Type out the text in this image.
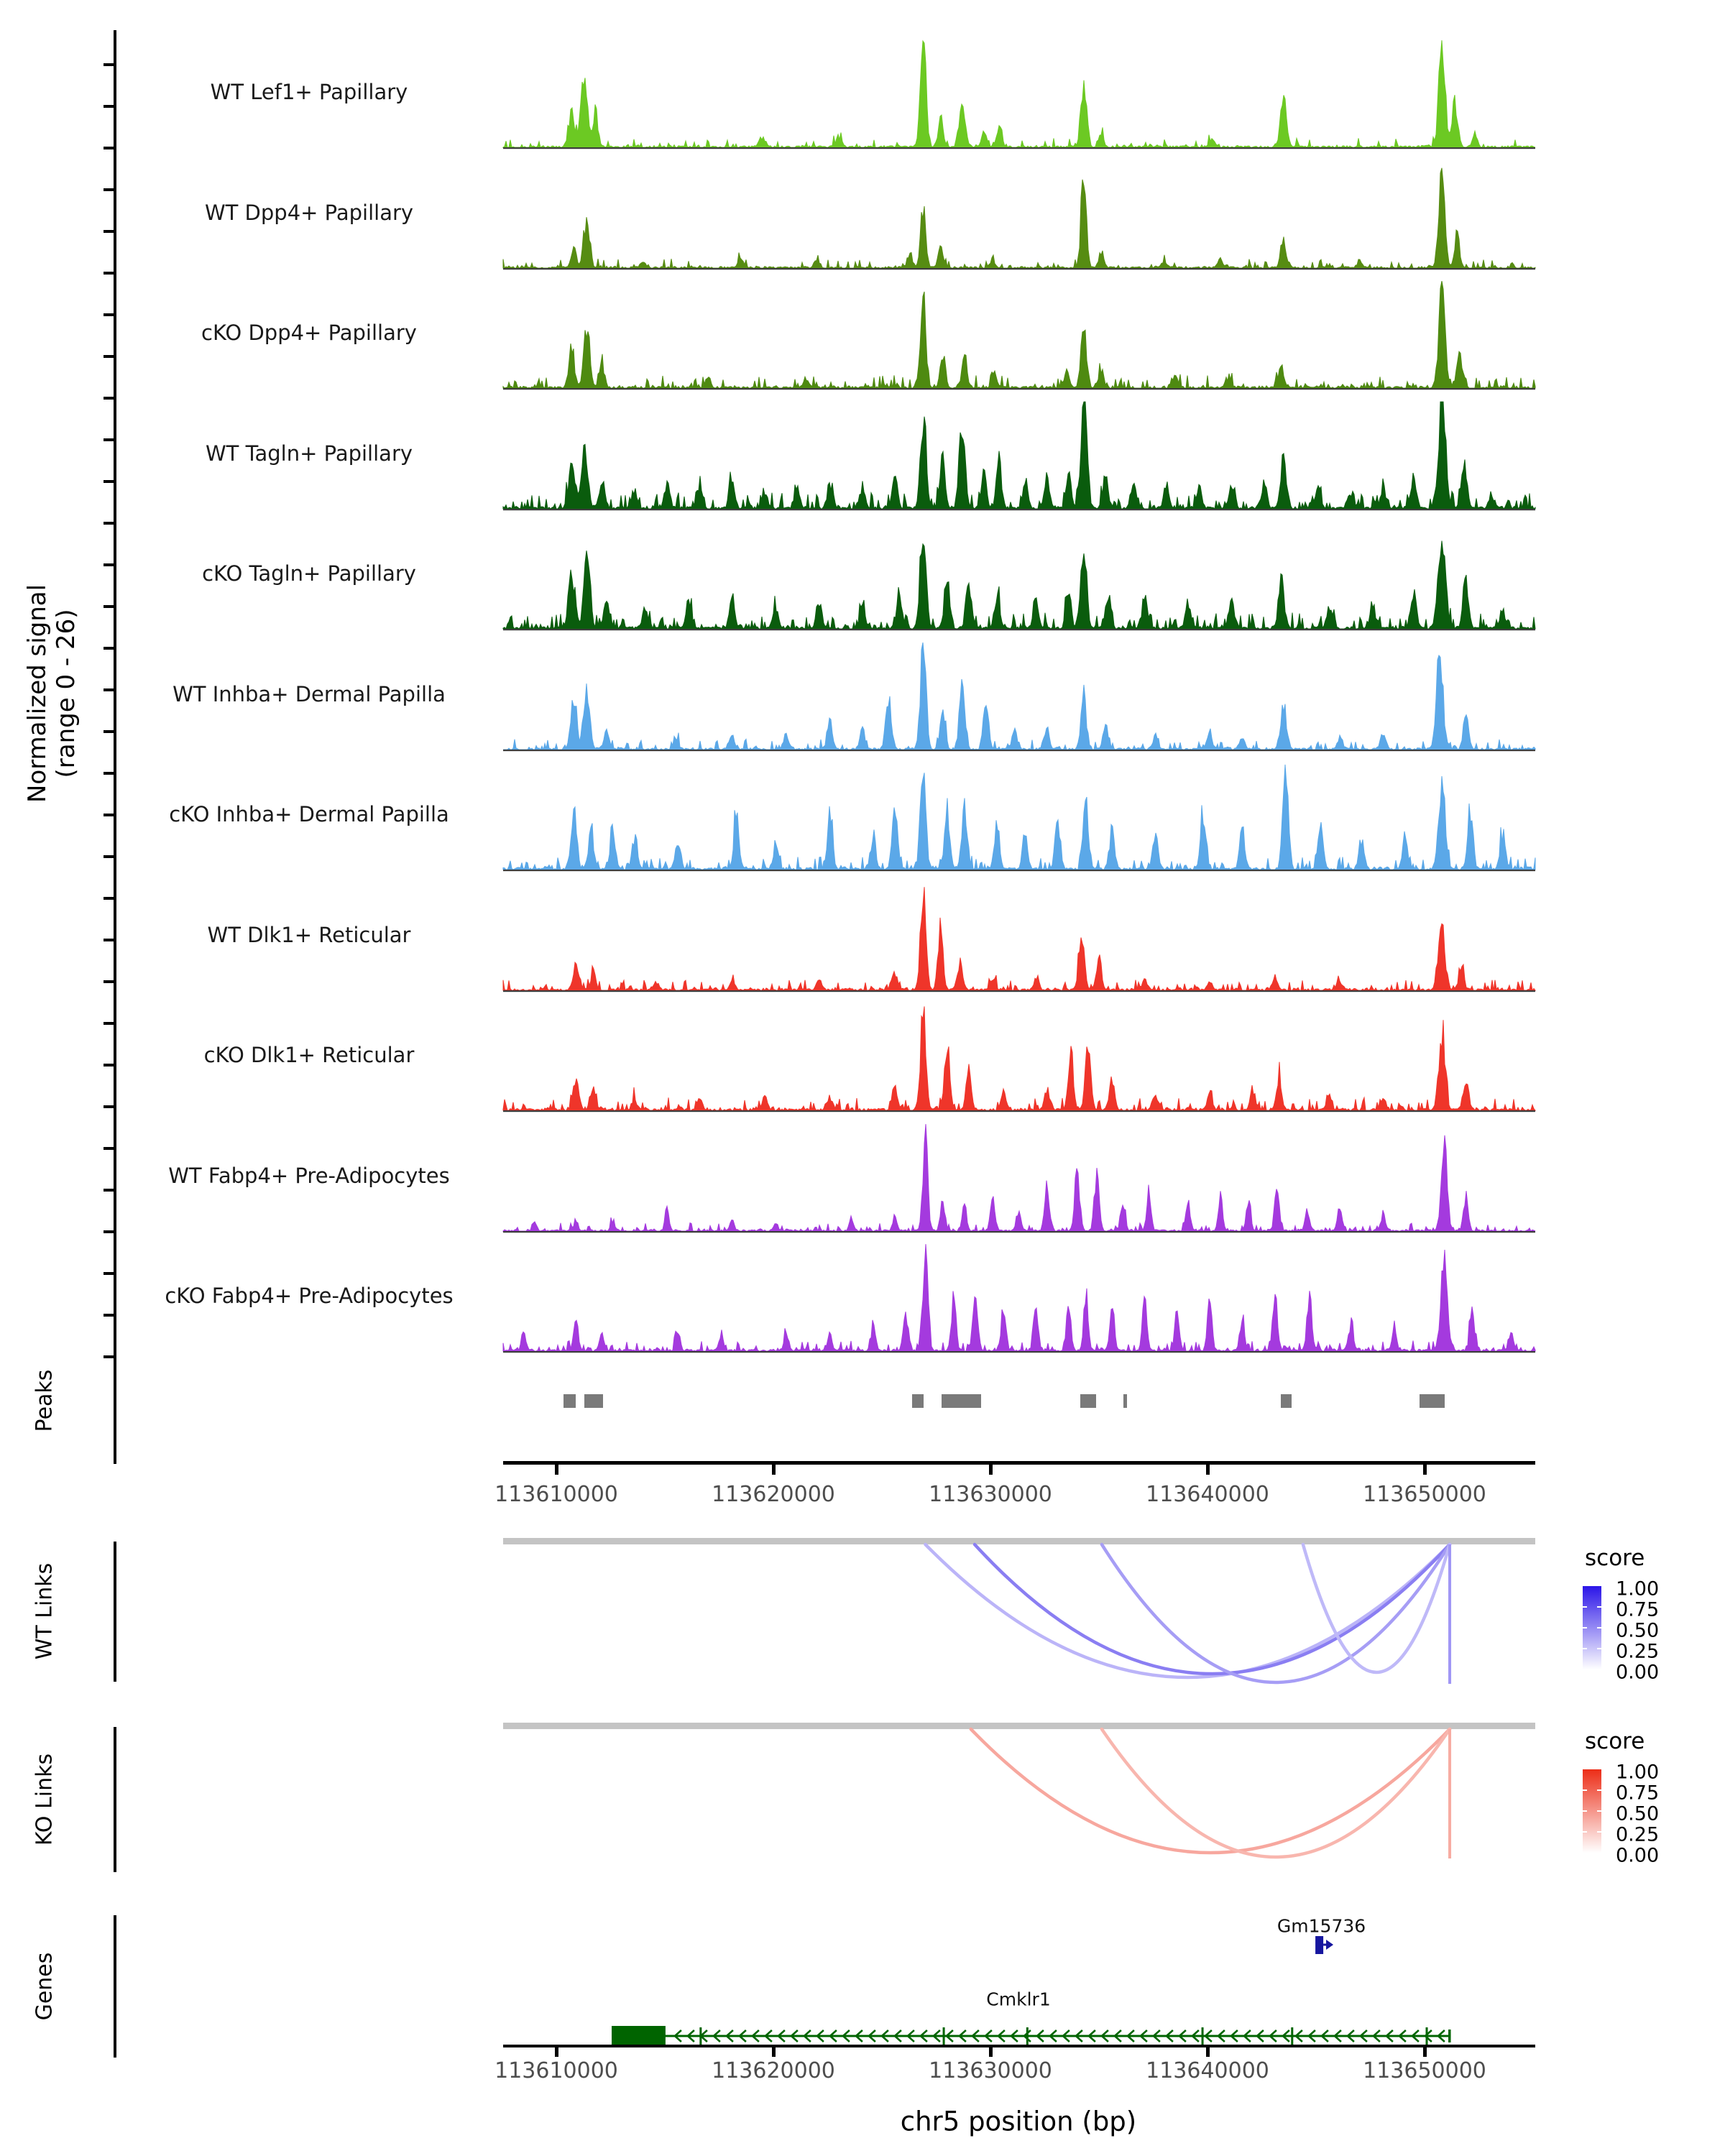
Normalized signal (range 0 - 26)
WT Lef1+ Papillary
WT Dpp4+ Papillary
cKO Dpp4+ Papillary
WT Tagln+ Papillary
cKO Tagln+ Papillary
WT Inhba+ Dermal Papilla
cKO Inhba+ Dermal Papilla
WT Dlk1+ Reticular
cKO Dlk1+ Reticular
WT Fabp4+ Pre-Adipocytes
cKO Fabp4+ Pre-Adipocytes
Peaks
113610000	113620000	113630000	113640000	113650000
WT Links
score
1.00
0.75
0.50
0.25
0.00
KO Links
score
1.00
0.75
0.50
0.25
0.00
Genes	Cmklr1
Gm15736
113610000	113620000	113630000	113640000	113650000
chr5 position (bp)
